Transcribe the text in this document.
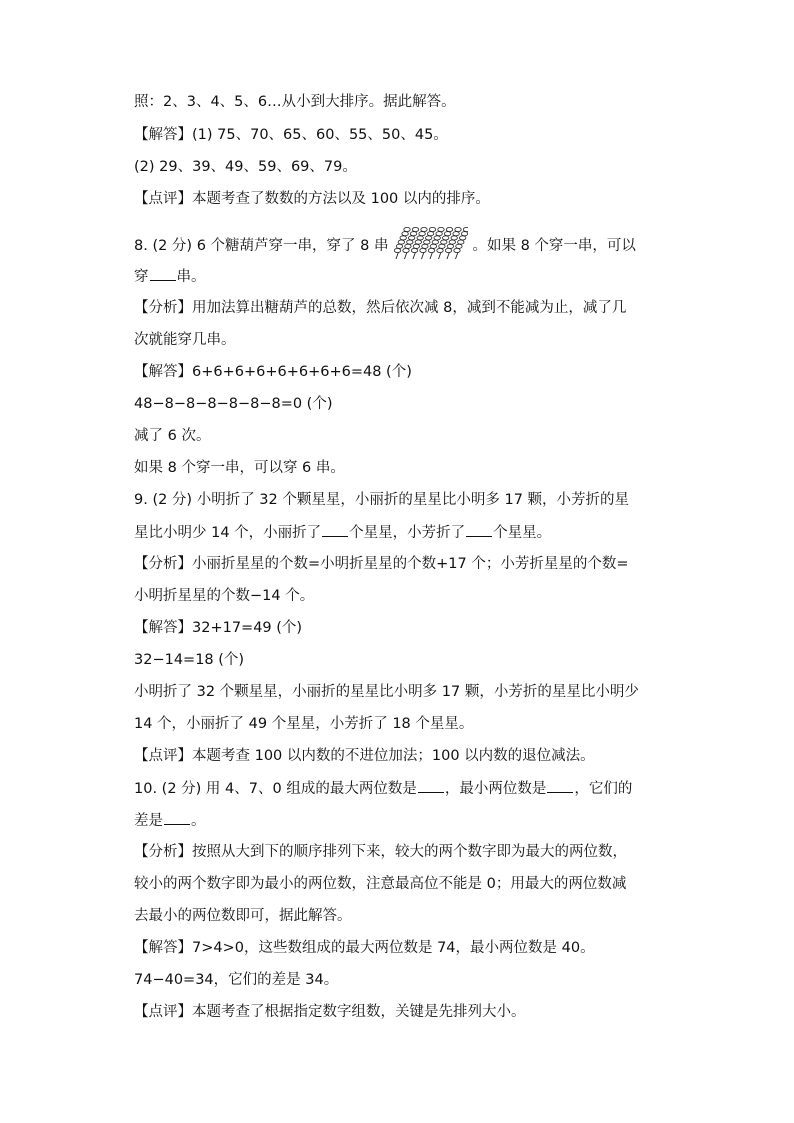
照：2、3、4、5、6…从小到大排序。据此解答。
【解答】(1) 75、70、65、60、55、50、45。
(2) 29、39、49、59、69、79。
【点评】本题考查了数数的方法以及 100 以内的排序。
8. (2 分) 6 个糖葫芦穿一串，穿了 8 串	。如果 8 个穿一串，可以
穿 串。
【分析】用加法算出糖葫芦的总数，然后依次减 8，减到不能减为止，减了几
次就能穿几串。
【解答】6+6+6+6+6+6+6+6=48 (个)
48−8−8−8−8−8−8=0 (个)
减了 6 次。
如果 8 个穿一串，可以穿 6 串。
9. (2 分) 小明折了 32 个颗星星，小丽折的星星比小明多 17 颗，小芳折的星
星比小明少 14 个，小丽折了 个星星，小芳折了 个星星。
【分析】小丽折星星的个数=小明折星星的个数+17 个；小芳折星星的个数=
小明折星星的个数−14 个。
【解答】32+17=49 (个)
32−14=18 (个)
小明折了 32 个颗星星，小丽折的星星比小明多 17 颗，小芳折的星星比小明少
14 个，小丽折了 49 个星星，小芳折了 18 个星星。
【点评】本题考查 100 以内数的不进位加法；100 以内数的退位减法。
10. (2 分) 用 4、7、0 组成的最大两位数是 ，最小两位数是 ，它们的
差是 。
【分析】按照从大到下的顺序排列下来，较大的两个数字即为最大的两位数，
较小的两个数字即为最小的两位数，注意最高位不能是 0；用最大的两位数减
去最小的两位数即可，据此解答。
【解答】7>4>0，这些数组成的最大两位数是 74，最小两位数是 40。
74−40=34，它们的差是 34。
【点评】本题考查了根据指定数字组数，关键是先排列大小。
